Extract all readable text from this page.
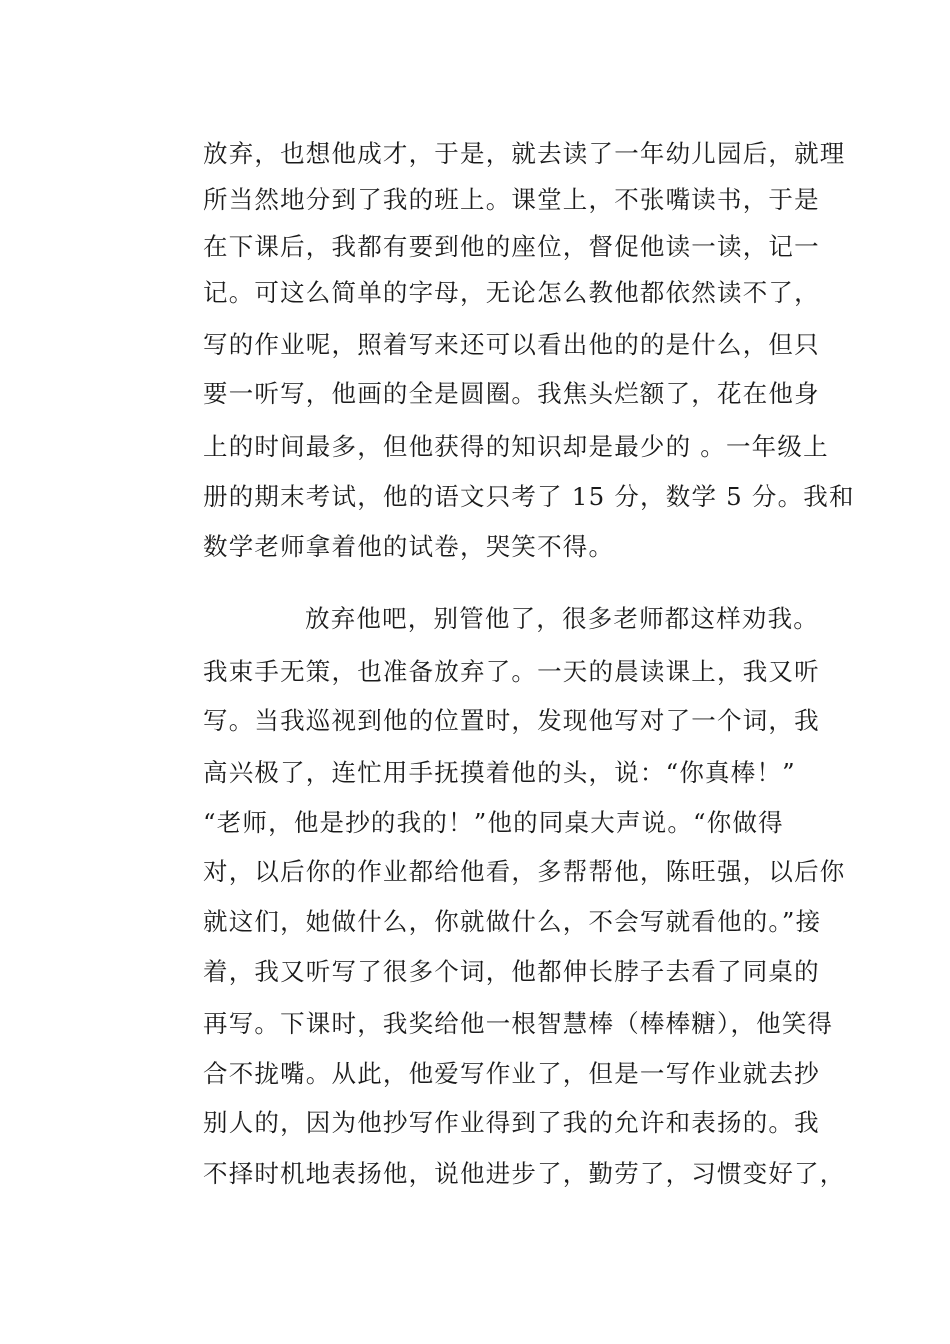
放弃，也想他成才，于是，就去读了一年幼儿园后，就理
所当然地分到了我的班上。课堂上，不张嘴读书，于是
在下课后，我都有要到他的座位，督促他读一读，记一
记。可这么简单的字母，无论怎么教他都依然读不了，
写的作业呢，照着写来还可以看出他的的是什么，但只
要一听写，他画的全是圆圈。我焦头烂额了，花在他身
上的时间最多，但他获得的知识却是最少的 。一年级上
册的期末考试，他的语文只考了 15 分，数学 5 分。我和
数学老师拿着他的试卷，哭笑不得。
放弃他吧，别管他了，很多老师都这样劝我。
我束手无策，也准备放弃了。一天的晨读课上，我又听
写。当我巡视到他的位置时，发现他写对了一个词，我
高兴极了，连忙用手抚摸着他的头，说：“你真棒！”
“老师，他是抄的我的！”他的同桌大声说。“你做得
对，以后你的作业都给他看，多帮帮他，陈旺强，以后你
就这们，她做什么，你就做什么，不会写就看他的。”接
着，我又听写了很多个词，他都伸长脖子去看了同桌的
再写。下课时，我奖给他一根智慧棒（棒棒糖），他笑得
合不拢嘴。从此，他爱写作业了，但是一写作业就去抄
别人的，因为他抄写作业得到了我的允许和表扬的。我
不择时机地表扬他，说他进步了，勤劳了，习惯变好了，
